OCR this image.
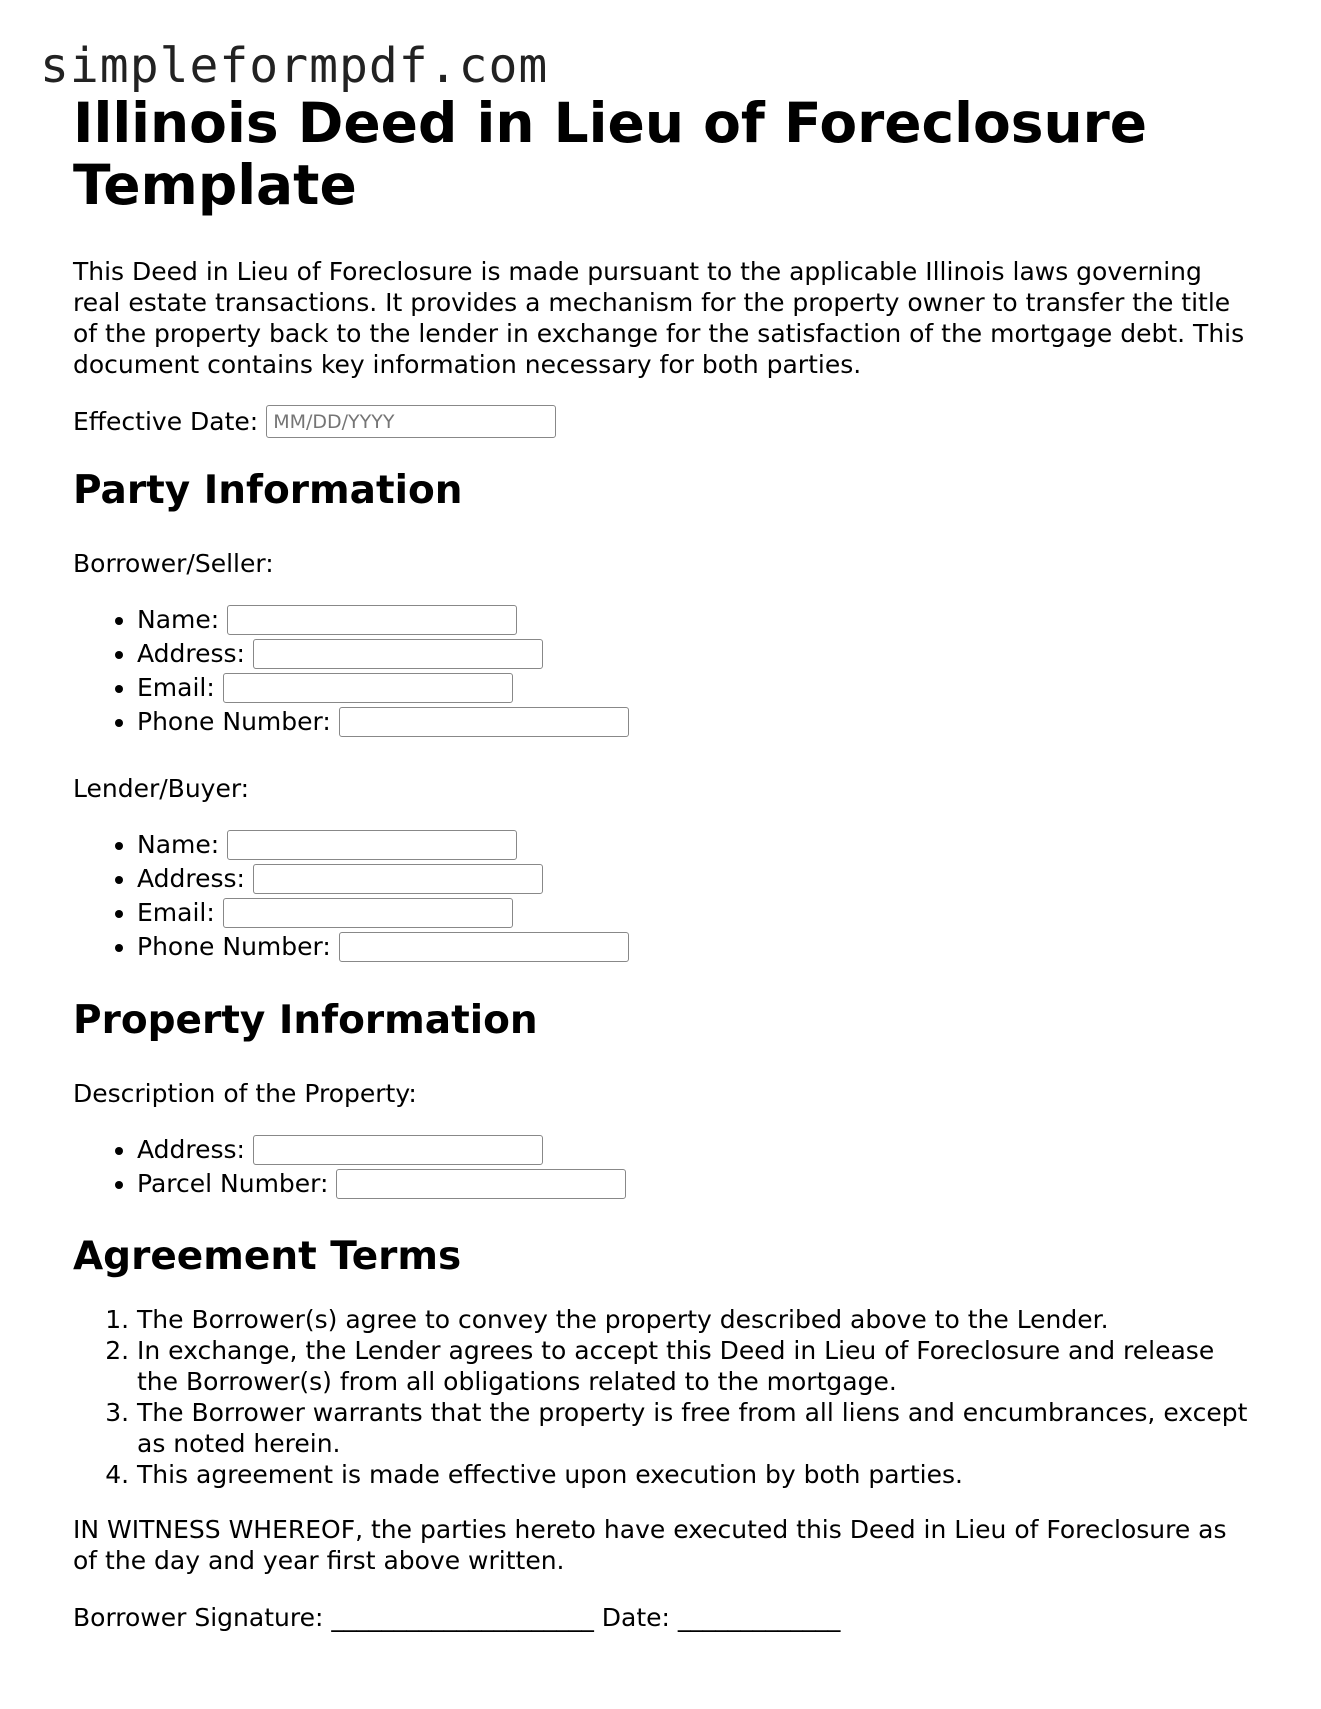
simpleformpdf.com
Illinois Deed in Lieu of Foreclosure Template

This Deed in Lieu of Foreclosure is made pursuant to the applicable Illinois laws governing real estate transactions. It provides a mechanism for the property owner to transfer the title of the property back to the lender in exchange for the satisfaction of the mortgage debt. This document contains key information necessary for both parties.

Effective Date:
MM/DD/YYYY
Party Information

Borrower/Seller:

• Name:
• Address:
• Email:
• Phone Number:

Lender/Buyer:

• Name:
• Address:
• Email:
• Phone Number:
Property Information

Description of the Property:

• Address:
• Parcel Number:
Agreement Terms
1. The Borrower(s) agree to convey the property described above to the Lender.
2. In exchange, the Lender agrees to accept this Deed in Lieu of Foreclosure and release the Borrower(s) from all obligations related to the mortgage.
3. The Borrower warrants that the property is free from all liens and encumbrances, except as noted herein.
4. This agreement is made effective upon execution by both parties.

IN WITNESS WHEREOF, the parties hereto have executed this Deed in Lieu of Foreclosure as of the day and year first above written.

Borrower Signature: _____________________ Date: _____________
